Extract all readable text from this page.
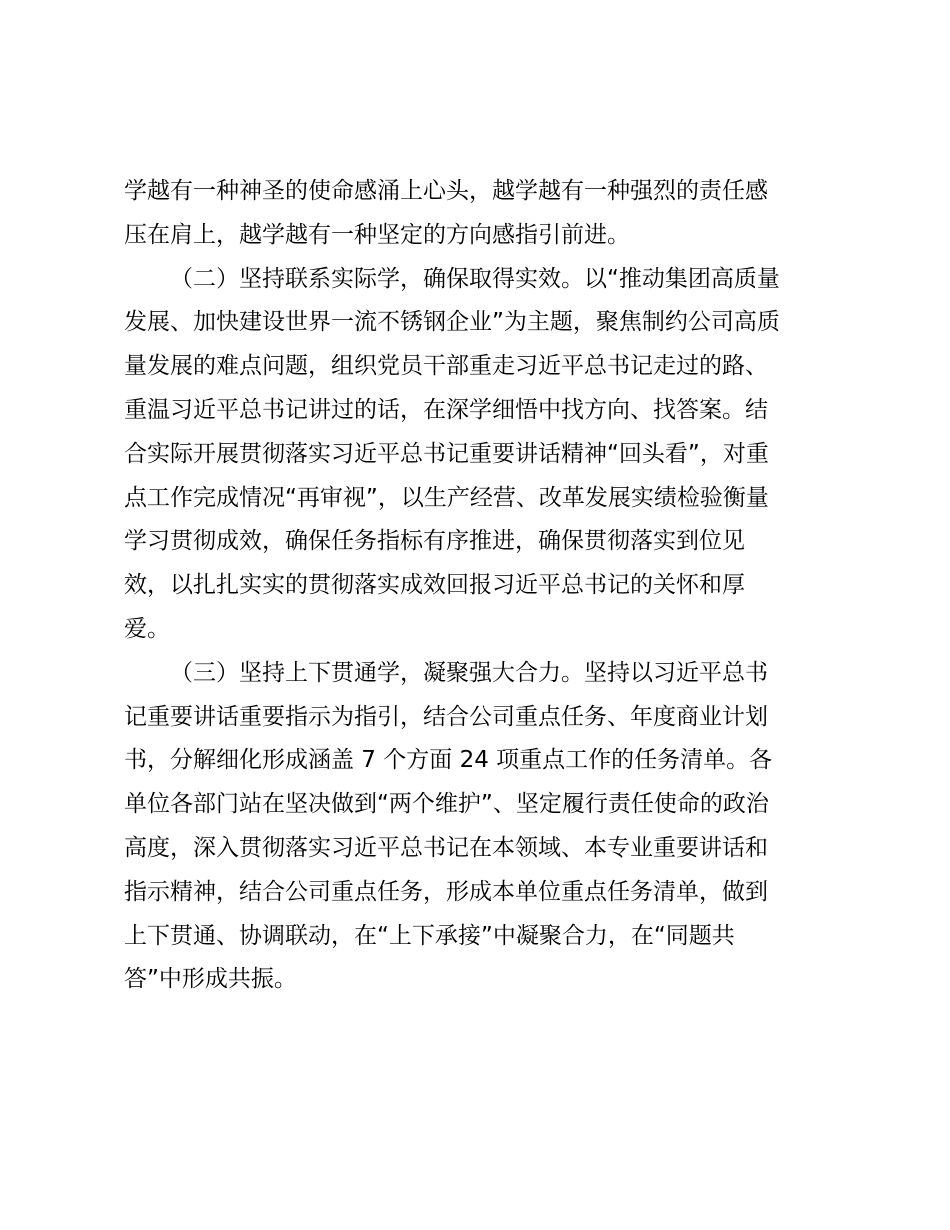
学越有一种神圣的使命感涌上心头，越学越有一种强烈的责任感
压在肩上，越学越有一种坚定的方向感指引前进。
（二）坚持联系实际学，确保取得实效。以“推动集团高质量
发展、加快建设世界一流不锈钢企业”为主题，聚焦制约公司高质
量发展的难点问题，组织党员干部重走习近平总书记走过的路、
重温习近平总书记讲过的话，在深学细悟中找方向、找答案。结
合实际开展贯彻落实习近平总书记重要讲话精神“回头看”，对重
点工作完成情况“再审视”，以生产经营、改革发展实绩检验衡量
学习贯彻成效，确保任务指标有序推进，确保贯彻落实到位见
效，以扎扎实实的贯彻落实成效回报习近平总书记的关怀和厚
爱。
（三）坚持上下贯通学，凝聚强大合力。坚持以习近平总书
记重要讲话重要指示为指引，结合公司重点任务、年度商业计划
书，分解细化形成涵盖 7 个方面 24 项重点工作的任务清单。各
单位各部门站在坚决做到“两个维护”、坚定履行责任使命的政治
高度，深入贯彻落实习近平总书记在本领域、本专业重要讲话和
指示精神，结合公司重点任务，形成本单位重点任务清单，做到
上下贯通、协调联动，在“上下承接”中凝聚合力，在“同题共
答”中形成共振。
